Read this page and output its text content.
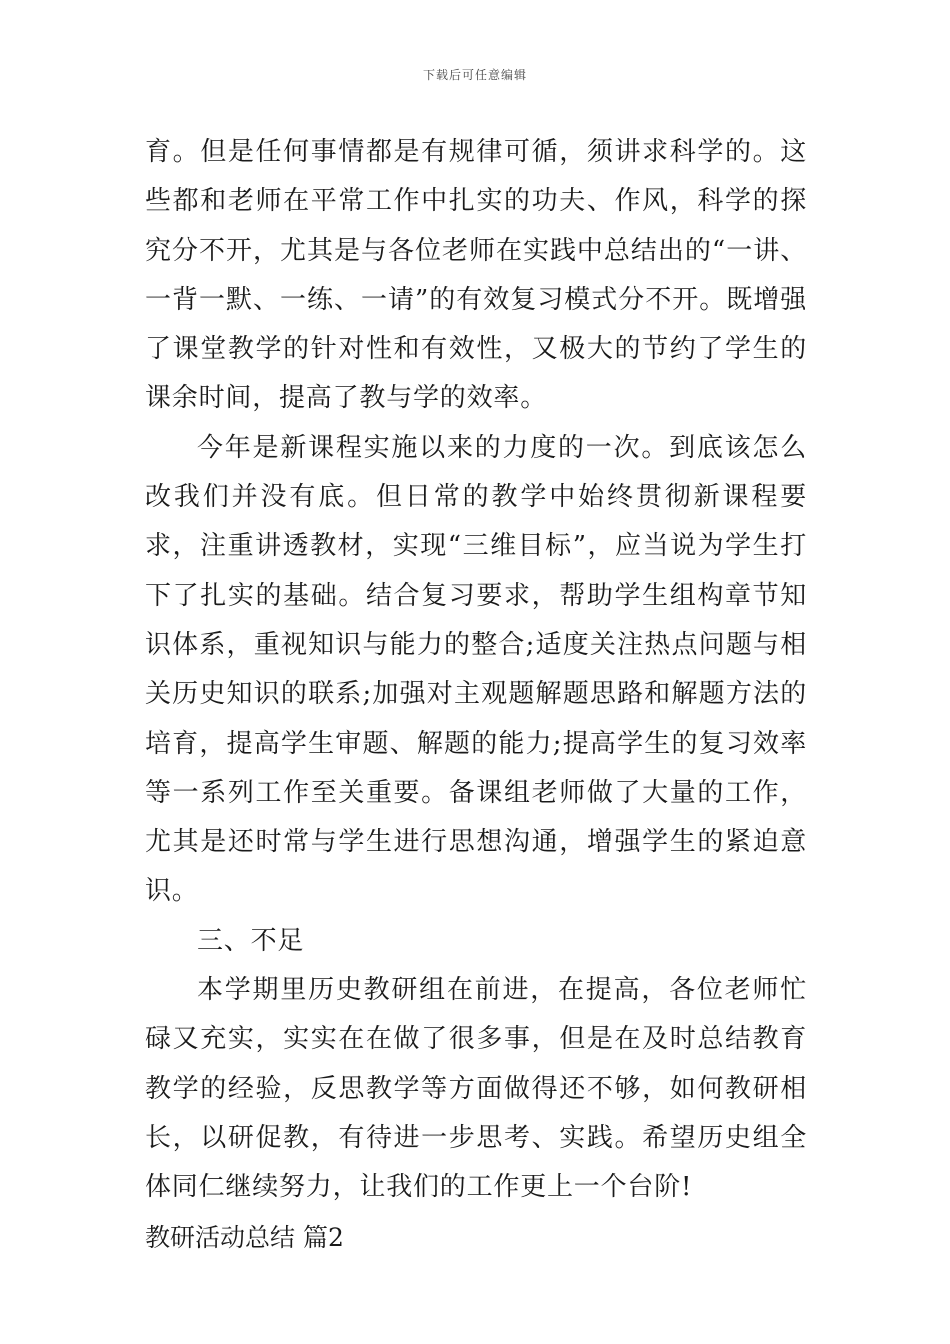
下载后可任意编辑

育。但是任何事情都是有规律可循，须讲求科学的。这些都和老师在平常工作中扎实的功夫、作风，科学的探究分不开，尤其是与各位老师在实践中总结出的“一讲、一背一默、一练、一请”的有效复习模式分不开。既增强了课堂教学的针对性和有效性，又极大的节约了学生的课余时间，提高了教与学的效率。

今年是新课程实施以来的力度的一次。到底该怎么改我们并没有底。但日常的教学中始终贯彻新课程要求，注重讲透教材，实现“三维目标”，应当说为学生打下了扎实的基础。结合复习要求，帮助学生组构章节知识体系，重视知识与能力的整合;适度关注热点问题与相关历史知识的联系;加强对主观题解题思路和解题方法的培育，提高学生审题、解题的能力;提高学生的复习效率等一系列工作至关重要。备课组老师做了大量的工作，尤其是还时常与学生进行思想沟通，增强学生的紧迫意识。

三、不足

本学期里历史教研组在前进，在提高，各位老师忙碌又充实，实实在在做了很多事，但是在及时总结教育教学的经验，反思教学等方面做得还不够，如何教研相长，以研促教，有待进一步思考、实践。希望历史组全体同仁继续努力，让我们的工作更上一个台阶!

教研活动总结 篇2
